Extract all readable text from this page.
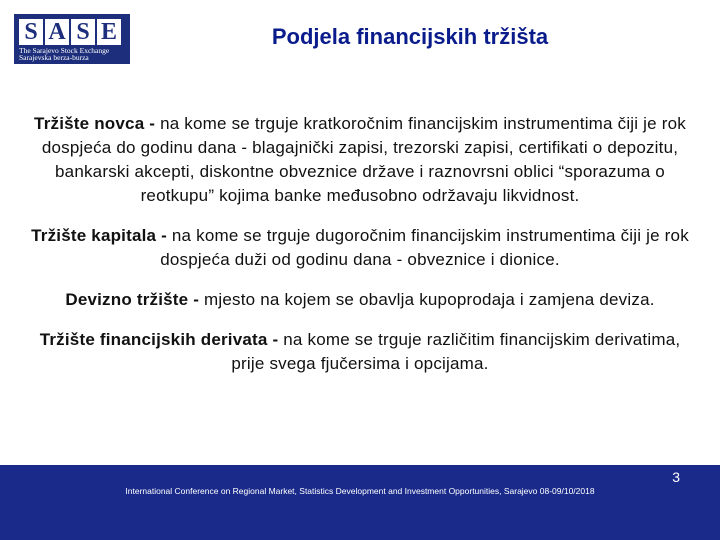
S A S E
The Sarajevo Stock Exchange
Sarajevska berza-burza
Podjela financijskih tržišta

Tržište novca - na kome se trguje kratkoročnim financijskim instrumentima čiji je rok dospjeća do godinu dana - blagajnički zapisi, trezorski zapisi, certifikati o depozitu, bankarski akcepti, diskontne obveznice države i raznovrsni oblici “sporazuma o reotkupu” kojima banke međusobno održavaju likvidnost.

Tržište kapitala - na kome se trguje dugoročnim financijskim instrumentima čiji je rok dospjeća duži od godinu dana - obveznice i dionice.

Devizno tržište - mjesto na kojem se obavlja kupoprodaja i zamjena deviza.

Tržište financijskih derivata - na kome se trguje različitim financijskim derivatima, prije svega fjučersima i opcijama.

3
International Conference on Regional Market, Statistics Development and Investment Opportunities, Sarajevo 08-09/10/2018
